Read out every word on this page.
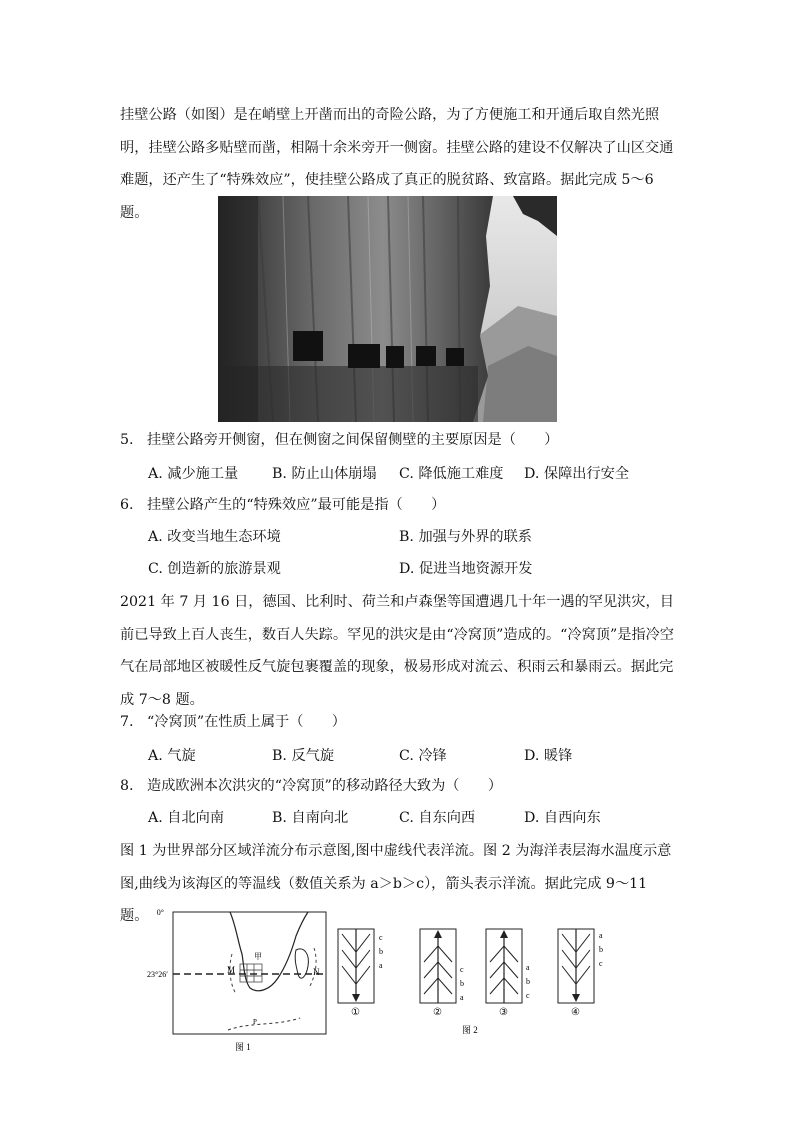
挂壁公路（如图）是在峭壁上开凿而出的奇险公路，为了方便施工和开通后取自然光照明，挂壁公路多贴壁而凿，相隔十余米旁开一侧窗。挂壁公路的建设不仅解决了山区交通难题，还产生了“特殊效应”，使挂壁公路成了真正的脱贫路、致富路。据此完成 5～6 题。

5. 挂壁公路旁开侧窗，但在侧窗之间保留侧壁的主要原因是（　　）

A. 减少施工量 B. 防止山体崩塌 C. 降低施工难度 D. 保障出行安全

6. 挂壁公路产生的“特殊效应”最可能是指（　　）

A. 改变当地生态环境	B. 加强与外界的联系
C. 创造新的旅游景观	D. 促进当地资源开发

2021 年 7 月 16 日，德国、比利时、荷兰和卢森堡等国遭遇几十年一遇的罕见洪灾，目前已导致上百人丧生，数百人失踪。罕见的洪灾是由“冷窝顶”造成的。“冷窝顶”是指冷空气在局部地区被暖性反气旋包裹覆盖的现象，极易形成对流云、积雨云和暴雨云。据此完成 7～8 题。

7. “冷窝顶”在性质上属于（　　）

A. 气旋	B. 反气旋	C. 冷锋	D. 暖锋

8. 造成欧洲本次洪灾的“冷窝顶”的移动路径大致为（　　）

A. 自北向南	B. 自南向北	C. 自东向西	D. 自西向东

图 1 为世界部分区域洋流分布示意图,图中虚线代表洋流。图 2 为海洋表层海水温度示意图,曲线为该海区的等温线（数值关系为 a＞b＞c），箭头表示洋流。据此完成 9～11 题。	0°
23°26′
甲
M	N
P
图 1
c
b
a
①
c
b
a
②
a
b
c
③
a
b
c
④
图 2
